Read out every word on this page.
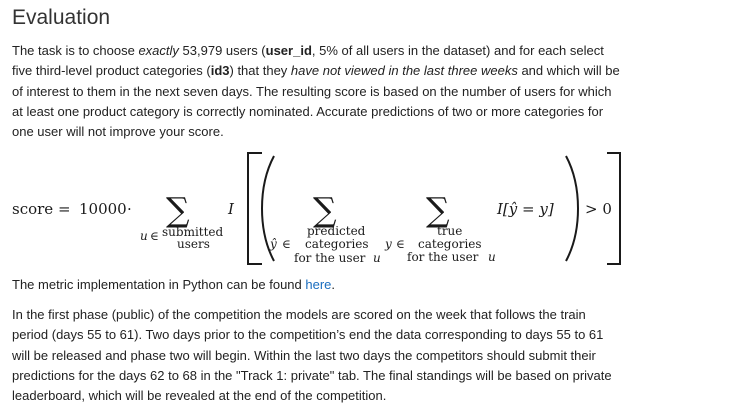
Evaluation
The task is to choose exactly 53,979 users (user_id, 5% of all users in the dataset) and for each select
five third-level product categories (id3) that they have not viewed in the last three weeks and which will be
of interest to them in the next seven days. The resulting score is based on the number of users for which
at least one product category is correctly nominated. Accurate predictions of two or more categories for
one user will not improve your score.
score = 10000 · ∑
u ∈ submitted
users
I ∑
predicted
ŷ ∈ categories
for the user u
∑
true
y ∈ categories
for the user u
I[ŷ = y] > 0
The metric implementation in Python can be found here.
In the first phase (public) of the competition the models are scored on the week that follows the train
period (days 55 to 61). Two days prior to the competition’s end the data corresponding to days 55 to 61
will be released and phase two will begin. Within the last two days the competitors should submit their
predictions for the days 62 to 68 in the "Track 1: private" tab. The final standings will be based on private
leaderboard, which will be revealed at the end of the competition.
